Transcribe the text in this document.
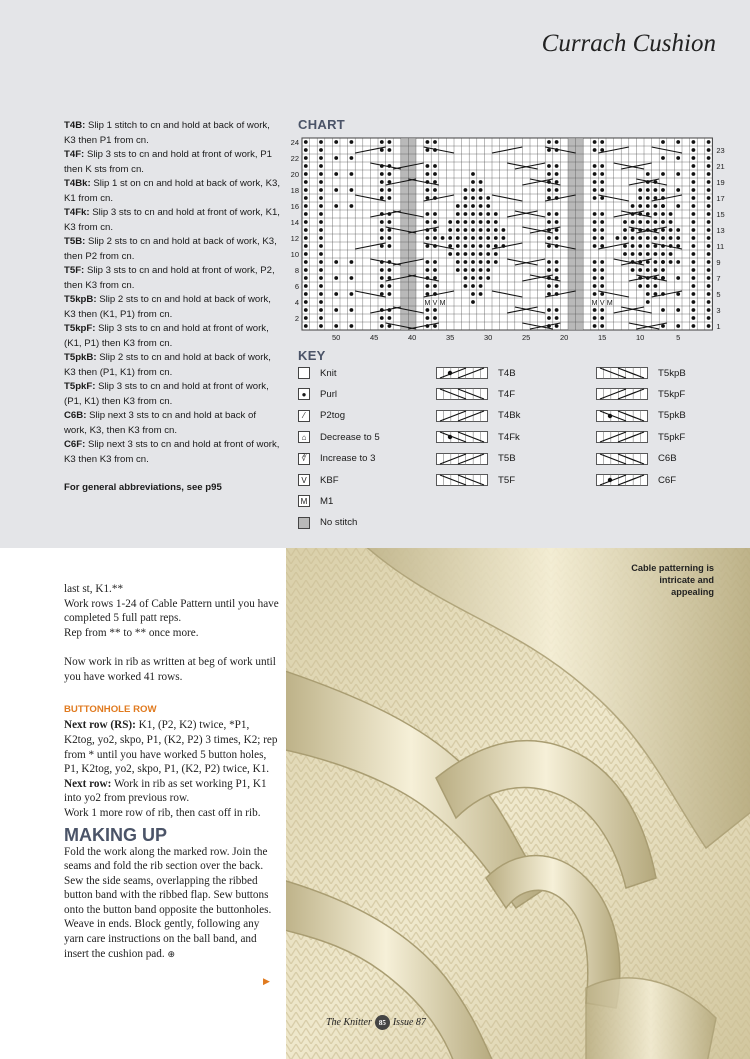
Currach Cushion
T4B: Slip 1 stitch to cn and hold at back of work, K3 then P1 from cn.
T4F: Slip 3 sts to cn and hold at front of work, P1 then K sts from cn.
T4Bk: Slip 1 st on cn and hold at back of work, K3, K1 from cn.
T4Fk: Slip 3 sts to cn and hold at front of work, K1, K3 from cn.
T5B: Slip 2 sts to cn and hold at back of work, K3, then P2 from cn.
T5F: Slip 3 sts to cn and hold at front of work, P2, then K3 from cn.
T5kpB: Slip 2 sts to cn and hold at back of work, K3 then (K1, P1) from cn.
T5kpF: Slip 3 sts to cn and hold at front of work, (K1, P1) then K3 from cn.
T5pkB: Slip 2 sts to cn and hold at back of work, K3 then (P1, K1) from cn.
T5pkF: Slip 3 sts to cn and hold at front of work, (P1, K1) then K3 from cn.
C6B: Slip next 3 sts to cn and hold at back of work, K3, then K3 from cn.
C6F: Slip next 3 sts to cn and hold at front of work, K3 then K3 from cn.
For general abbreviations, see p95
CHART
M V M	M V M
24
22
20
18
16
14
12
10
8
6
4
2
23
21
19
17
15
13
11
9
7
5
3
1
50	45	40	35	30	25	20	15	10	5
KEY
Knit
●	Purl
⁄	P2tog
⌂	Decrease to 5
∛	Increase to 3
V	KBF
M M1
No stitch
T4B
T4F
T4Bk
T4Fk
T5B
T5F
T5kpB
T5kpF
T5pkB
T5pkF
C6B
C6F

last st, K1.**

Work rows 1-24 of Cable Pattern until you have completed 5 full patt reps.

Rep from ** to ** once more.

Now work in rib as written at beg of work until you have worked 41 rows.

BUTTONHOLE ROW

Next row (RS): K1, (P2, K2) twice, *P1, K2tog, yo2, skpo, P1, (K2, P2) 3 times, K2; rep from * until you have worked 5 button holes, P1, K2tog, yo2, skpo, P1, (K2, P2) twice, K1.

Next row: Work in rib as set working P1, K1 into yo2 from previous row.

Work 1 more row of rib, then cast off in rib.

MAKING UP

Fold the work along the marked row. Join the seams and fold the rib section over the back. Sew the side seams, overlapping the ribbed button band with the ribbed flap. Sew buttons onto the button band opposite the buttonholes. Weave in ends. Block gently, following any yarn care instructions on the ball band, and insert the cushion pad. ⊕

▶
Cable patterning is intricate and appealing
The Knitter	85 Issue 87
